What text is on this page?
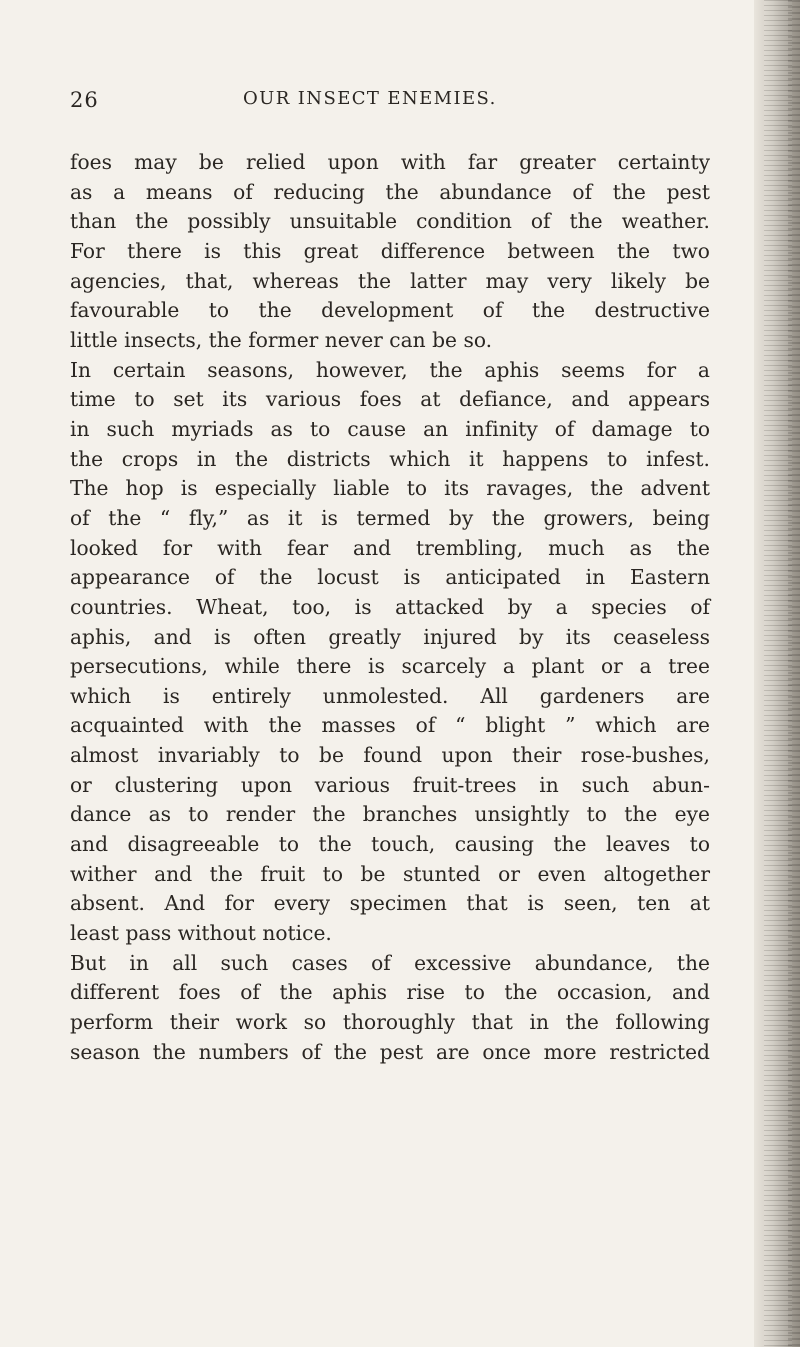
26	OUR INSECT ENEMIES.
foes may be relied upon with far greater certainty
as a means of reducing the abundance of the pest
than the possibly unsuitable condition of the weather.
For there is this great difference between the two
agencies, that, whereas the latter may very likely be
favourable to the development of the destructive
little insects, the former never can be so.
In certain seasons, however, the aphis seems for a
time to set its various foes at defiance, and appears
in such myriads as to cause an infinity of damage to
the crops in the districts which it happens to infest.
The hop is especially liable to its ravages, the advent
of the “ fly,” as it is termed by the growers, being
looked for with fear and trembling, much as the
appearance of the locust is anticipated in Eastern
countries. Wheat, too, is attacked by a species of
aphis, and is often greatly injured by its ceaseless
persecutions, while there is scarcely a plant or a tree
which is entirely unmolested. All gardeners are
acquainted with the masses of “ blight ” which are
almost invariably to be found upon their rose-bushes,
or clustering upon various fruit-trees in such abun-
dance as to render the branches unsightly to the eye
and disagreeable to the touch, causing the leaves to
wither and the fruit to be stunted or even altogether
absent. And for every specimen that is seen, ten at
least pass without notice.
But in all such cases of excessive abundance, the
different foes of the aphis rise to the occasion, and
perform their work so thoroughly that in the following
season the numbers of the pest are once more restricted
